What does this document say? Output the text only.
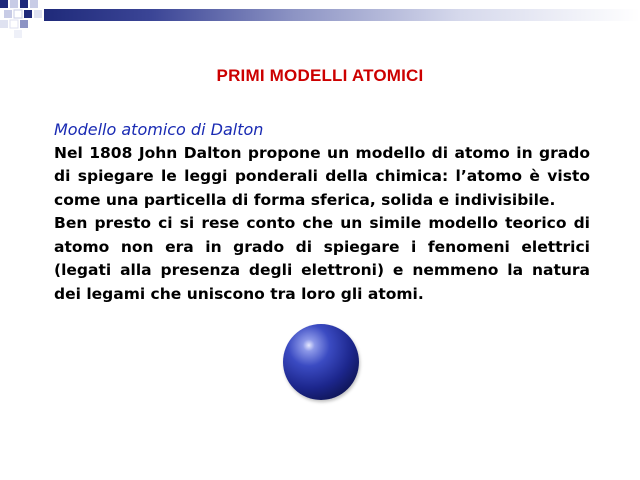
PRIMI MODELLI ATOMICI
Modello atomico di Dalton

Nel 1808 John Dalton propone un modello di atomo in grado di spiegare le leggi ponderali della chimica: l’atomo è visto come una particella di forma sferica, solida e indivisibile.

Ben presto ci si rese conto che un simile modello teorico di atomo non era in grado di spiegare i fenomeni elettrici (legati alla presenza degli elettroni) e nemmeno la natura dei legami che uniscono tra loro gli atomi.
